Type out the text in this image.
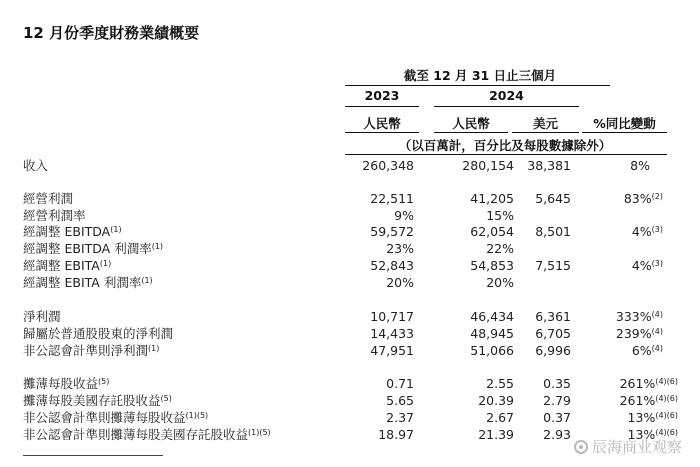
12 月份季度財務業績概要
截至 12 月 31 日止三個月
2023	2024
人民幣	人民幣	美元	%同比變動
（以百萬計，百分比及每股數據除外）
收入	260,348	280,154 38,381	8%
經營利潤	22,511	41,205 5,645	83%$^{(2)}$
經營利潤率	9%	15%
經調整 EBITDA$^{(1)}$	59,572	62,054 8,501	4%$^{(3)}$
經調整 EBITDA 利潤率$^{(1)}$	23%	22%
經調整 EBITA$^{(1)}$	52,843	54,853 7,515	4%$^{(3)}$
經調整 EBITA 利潤率$^{(1)}$	20%	20%
淨利潤	10,717	46,434 6,361	333%$^{(4)}$
歸屬於普通股股東的淨利潤	14,433	48,945 6,705	239%$^{(4)}$
非公認會計準則淨利潤$^{(1)}$	47,951	51,066 6,996	6%$^{(4)}$
攤薄每股收益$^{(5)}$	0.71	2.55 0.35	261%$^{(4)(6)}$
攤薄每股美國存託股收益$^{(5)}$	5.65	20.39 2.79	261%$^{(4)(6)}$
非公認會計準則攤薄每股收益$^{(1)(5)}$	2.37	2.67 0.37	13%$^{(4)(6)}$
非公認會計準則攤薄每股美國存託股收益$^{(1)(5)}$	18.97	21.39 2.93	13%$^{(4)(6)}$
辰海商业观察
